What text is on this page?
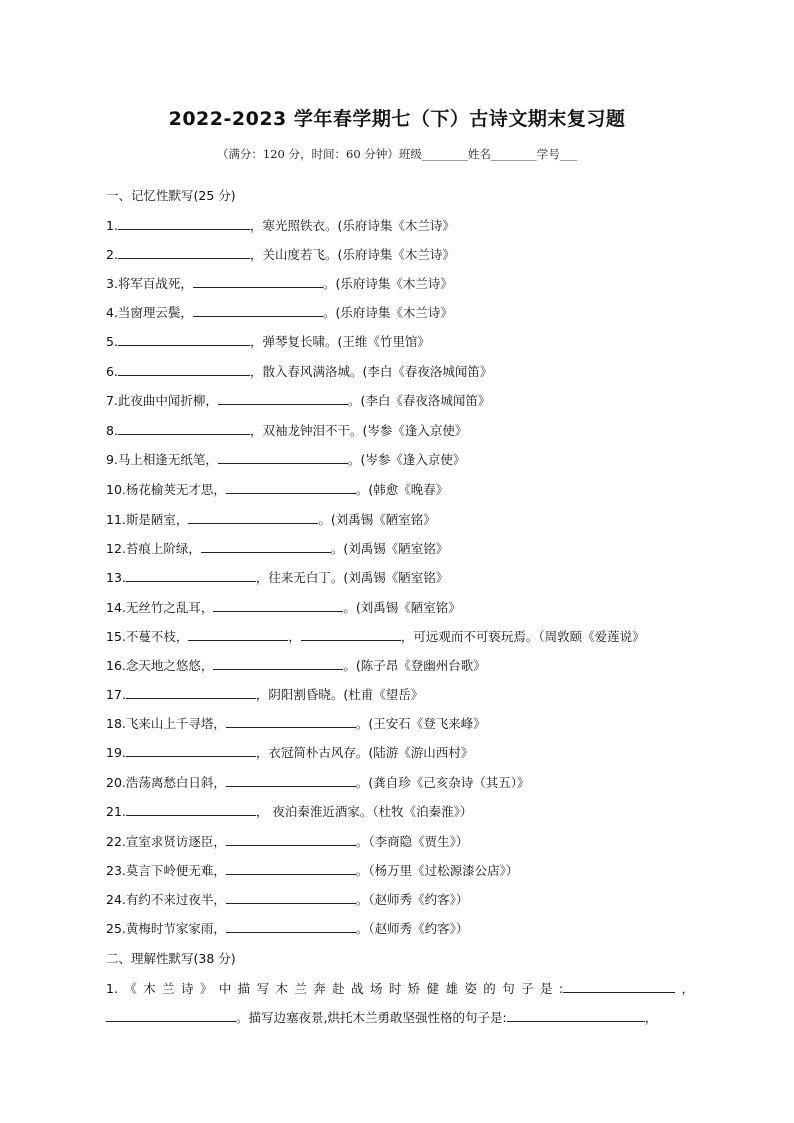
2022-2023 学年春学期七（下）古诗文期末复习题
（满分：120 分，时间：60 分钟）班级________姓名________学号___
一、记忆性默写(25 分)
1.	，寒光照铁衣。(乐府诗集《木兰诗》
2.	，关山度若飞。(乐府诗集《木兰诗》
3.将军百战死，	。(乐府诗集《木兰诗》
4.当窗理云鬓，	。(乐府诗集《木兰诗》
5.	，弹琴复长啸。(王维《竹里馆》
6.	，散入春风满洛城。(李白《春夜洛城闻笛》
7.此夜曲中闻折柳，	。(李白《春夜洛城闻笛》
8.	，双袖龙钟泪不干。(岑参《逢入京使》
9.马上相逢无纸笔，	。(岑参《逢入京使》
10.杨花榆荚无才思，	。(韩愈《晚春》
11.斯是陋室，	。(刘禹锡《陋室铭》
12.苔痕上阶绿，	。(刘禹锡《陋室铭》
13.	，往来无白丁。(刘禹锡《陋室铭》
14.无丝竹之乱耳，	。(刘禹锡《陋室铭》
15.不蔓不枝，	，	，可远观而不可亵玩焉。（周敦颐《爱莲说》
16.念天地之悠悠，	。(陈子昂《登幽州台歌》
17.	，阴阳割昏晓。(杜甫《望岳》
18.飞来山上千寻塔，	。(王安石《登飞来峰》
19.	，衣冠简朴古风存。(陆游《游山西村》
20.浩荡离愁白日斜，	。(龚自珍《己亥杂诗（其五）》
21.	， 夜泊秦淮近酒家。（杜牧《泊秦淮》）
22.宣室求贤访逐臣，	。（李商隐《贾生》）
23.莫言下岭便无难，	。（杨万里《过松源漆公店》）
24.有约不来过夜半，	。（赵师秀《约客》）
25.黄梅时节家家雨，	。（赵师秀《约客》）
二、理解性默写(38 分)
1.《木兰诗》中描写木兰奔赴战场时矫健雄姿的句子是:	，
。描写边塞夜景,烘托木兰勇敢坚强性格的句子是:	，
